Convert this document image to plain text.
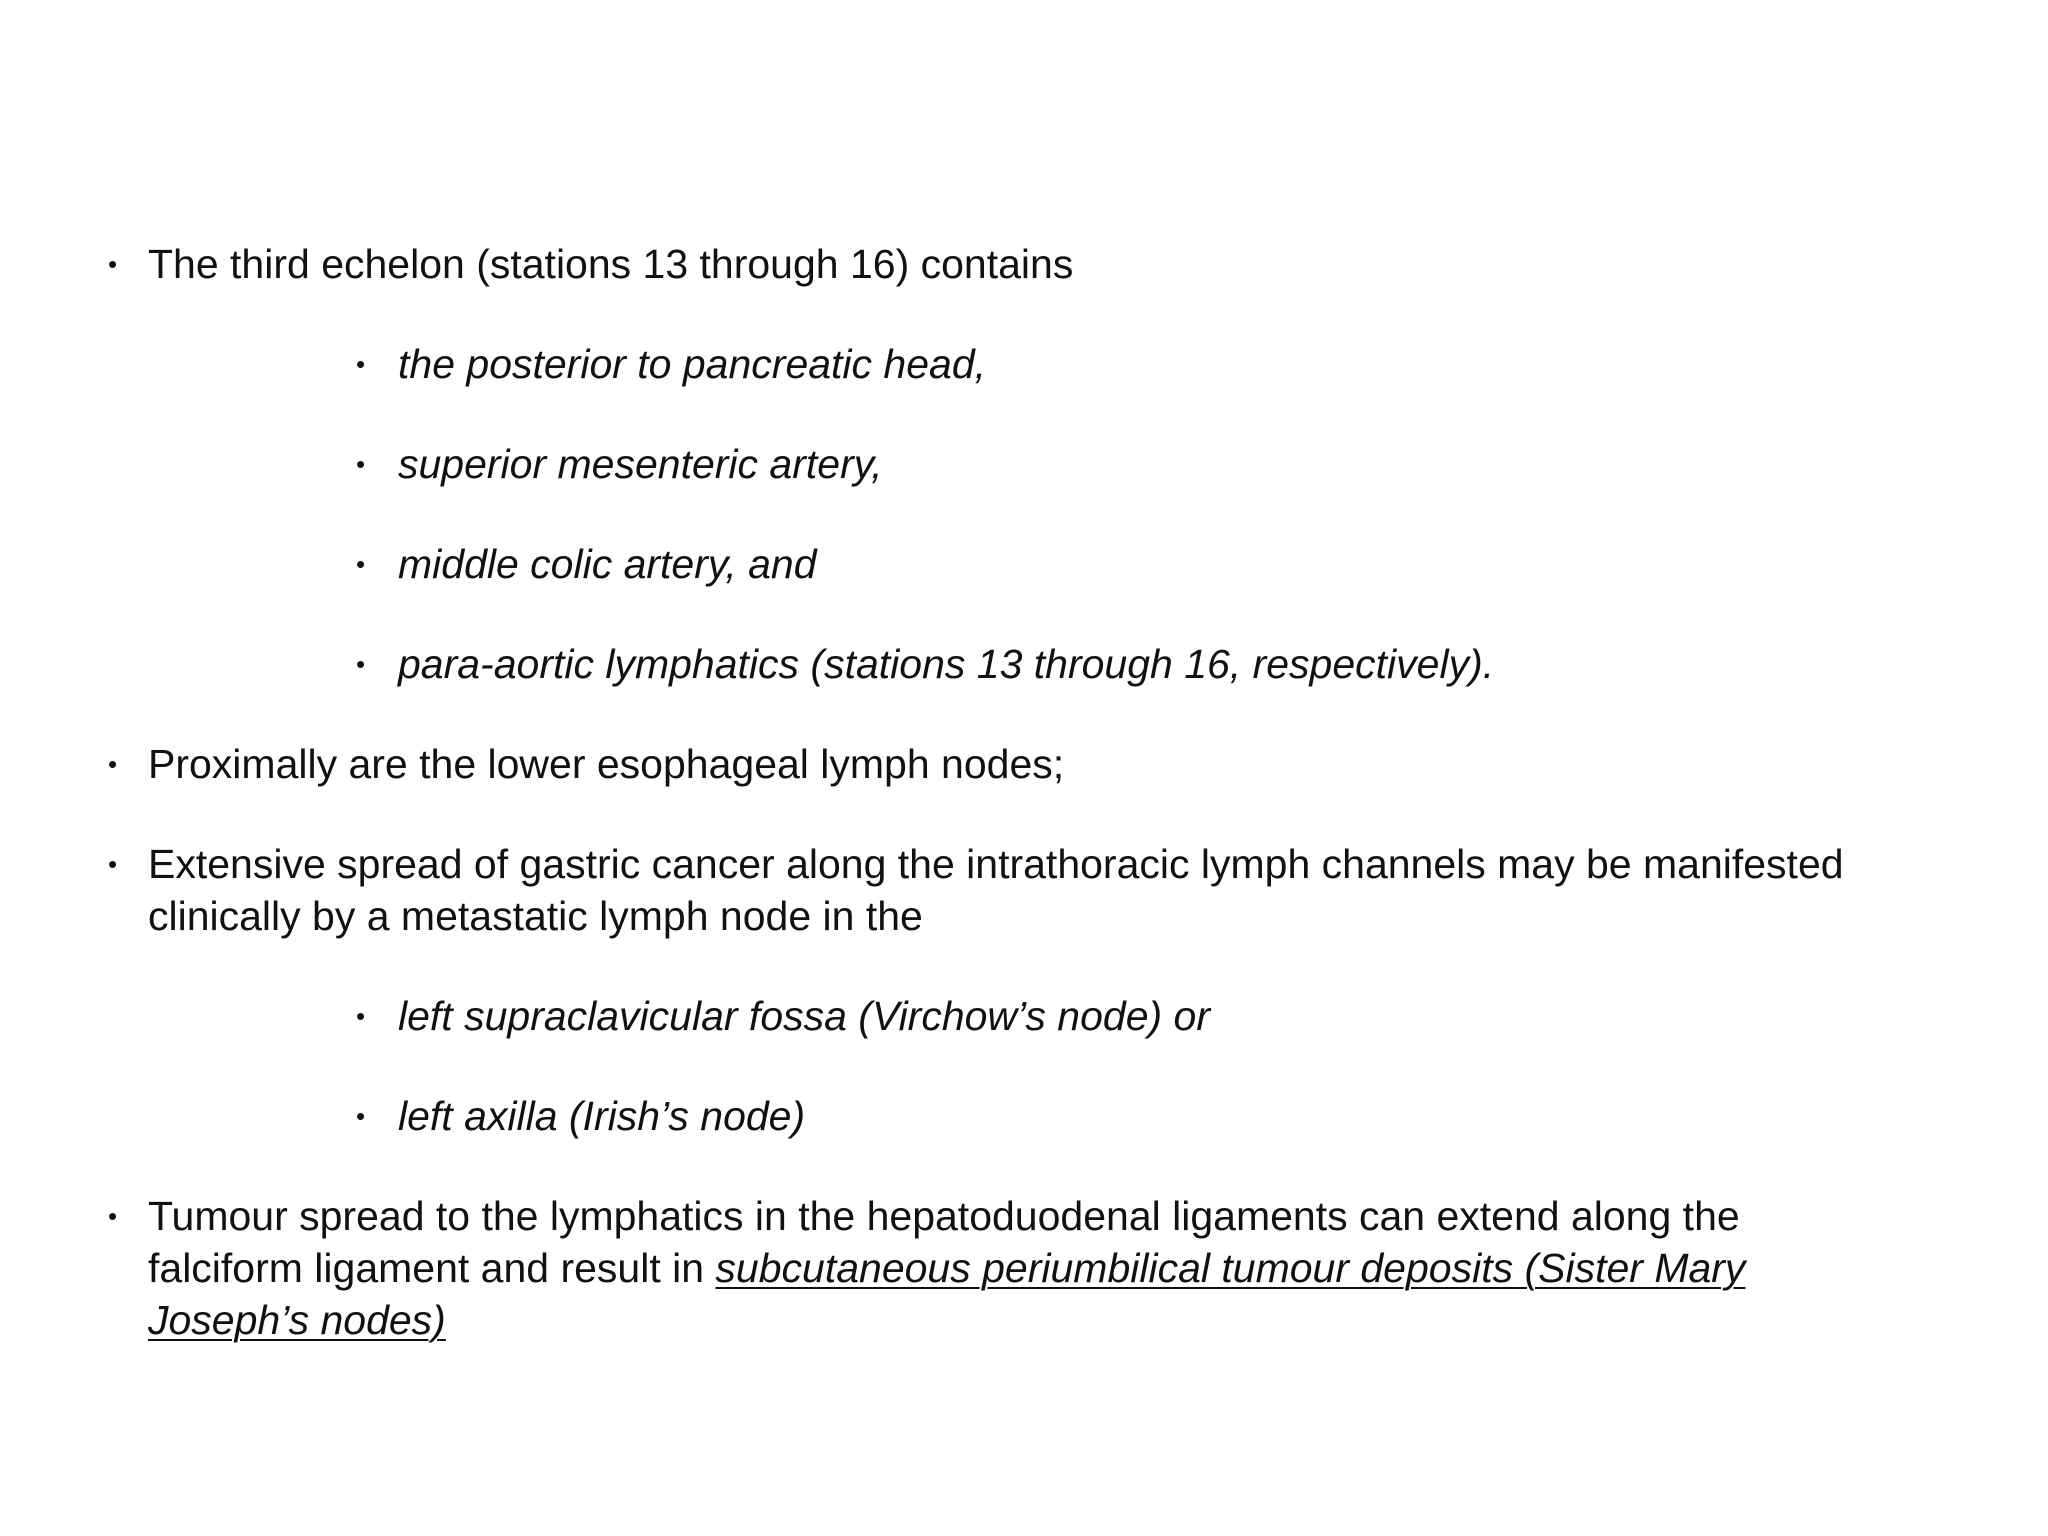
• The third echelon (stations 13 through 16) contains
• the posterior to pancreatic head,
• superior mesenteric artery,
• middle colic artery, and
• para-aortic lymphatics (stations 13 through 16, respectively).
• Proximally are the lower esophageal lymph nodes;
• Extensive spread of gastric cancer along the intrathoracic lymph channels may be manifested clinically by a metastatic lymph node in the
• left supraclavicular fossa (Virchow’s node) or
• left axilla (Irish’s node)
• Tumour spread to the lymphatics in the hepatoduodenal ligaments can extend along the falciform ligament and result in subcutaneous periumbilical tumour deposits (Sister Mary Joseph’s nodes)
